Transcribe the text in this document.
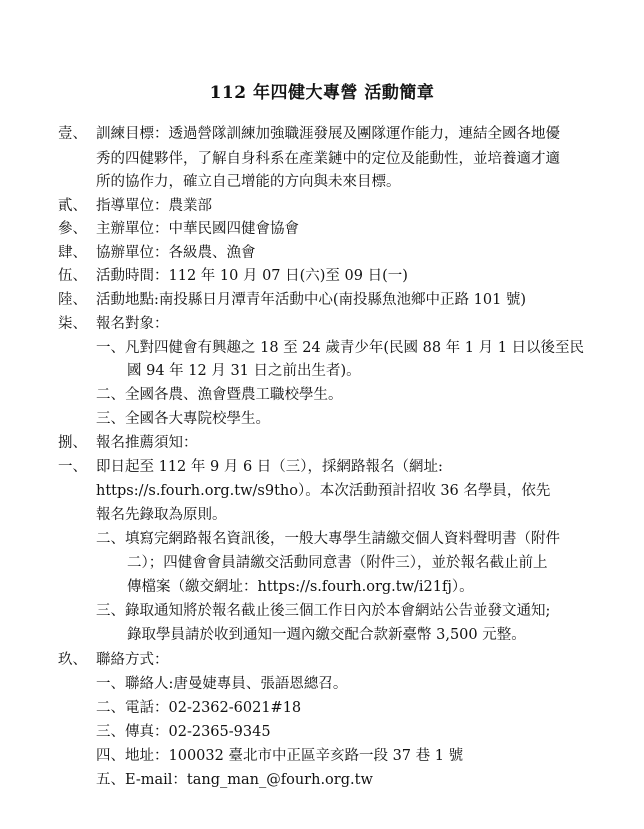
112 年四健大專營 活動簡章
壹、 訓練目標：透過營隊訓練加強職涯發展及團隊運作能力，連結全國各地優
秀的四健夥伴，了解自身科系在產業鏈中的定位及能動性，並培養適才適
所的協作力，確立自己增能的方向與未來目標。
貳、 指導單位：農業部
參、 主辦單位：中華民國四健會協會
肆、 協辦單位：各級農、漁會
伍、 活動時間：112 年 10 月 07 日(六)至 09 日(一)
陸、 活動地點:南投縣日月潭青年活動中心(南投縣魚池鄉中正路 101 號)
柒、 報名對象：
一、凡對四健會有興趣之 18 至 24 歲青少年(民國 88 年 1 月 1 日以後至民
國 94 年 12 月 31 日之前出生者)。
二、全國各農、漁會暨農工職校學生。
三、全國各大專院校學生。
捌、 報名推薦須知：
一、 即日起至 112 年 9 月 6 日（三），採網路報名（網址:
https://s.fourh.org.tw/s9tho）。本次活動預計招收 36 名學員，依先
報名先錄取為原則。
二、填寫完網路報名資訊後，一般大專學生請繳交個人資料聲明書（附件
二）；四健會會員請繳交活動同意書（附件三），並於報名截止前上
傳檔案（繳交網址：https://s.fourh.org.tw/i21fj）。
三、錄取通知將於報名截止後三個工作日內於本會網站公告並發文通知;
錄取學員請於收到通知一週內繳交配合款新臺幣 3,500 元整。
玖、 聯絡方式：
一、聯絡人:唐曼婕專員、張語恩總召。
二、電話：02-2362-6021#18
三、傳真：02-2365-9345
四、地址：100032 臺北市中正區辛亥路一段 37 巷 1 號
五、E-mail：tang_man_@fourh.org.tw
